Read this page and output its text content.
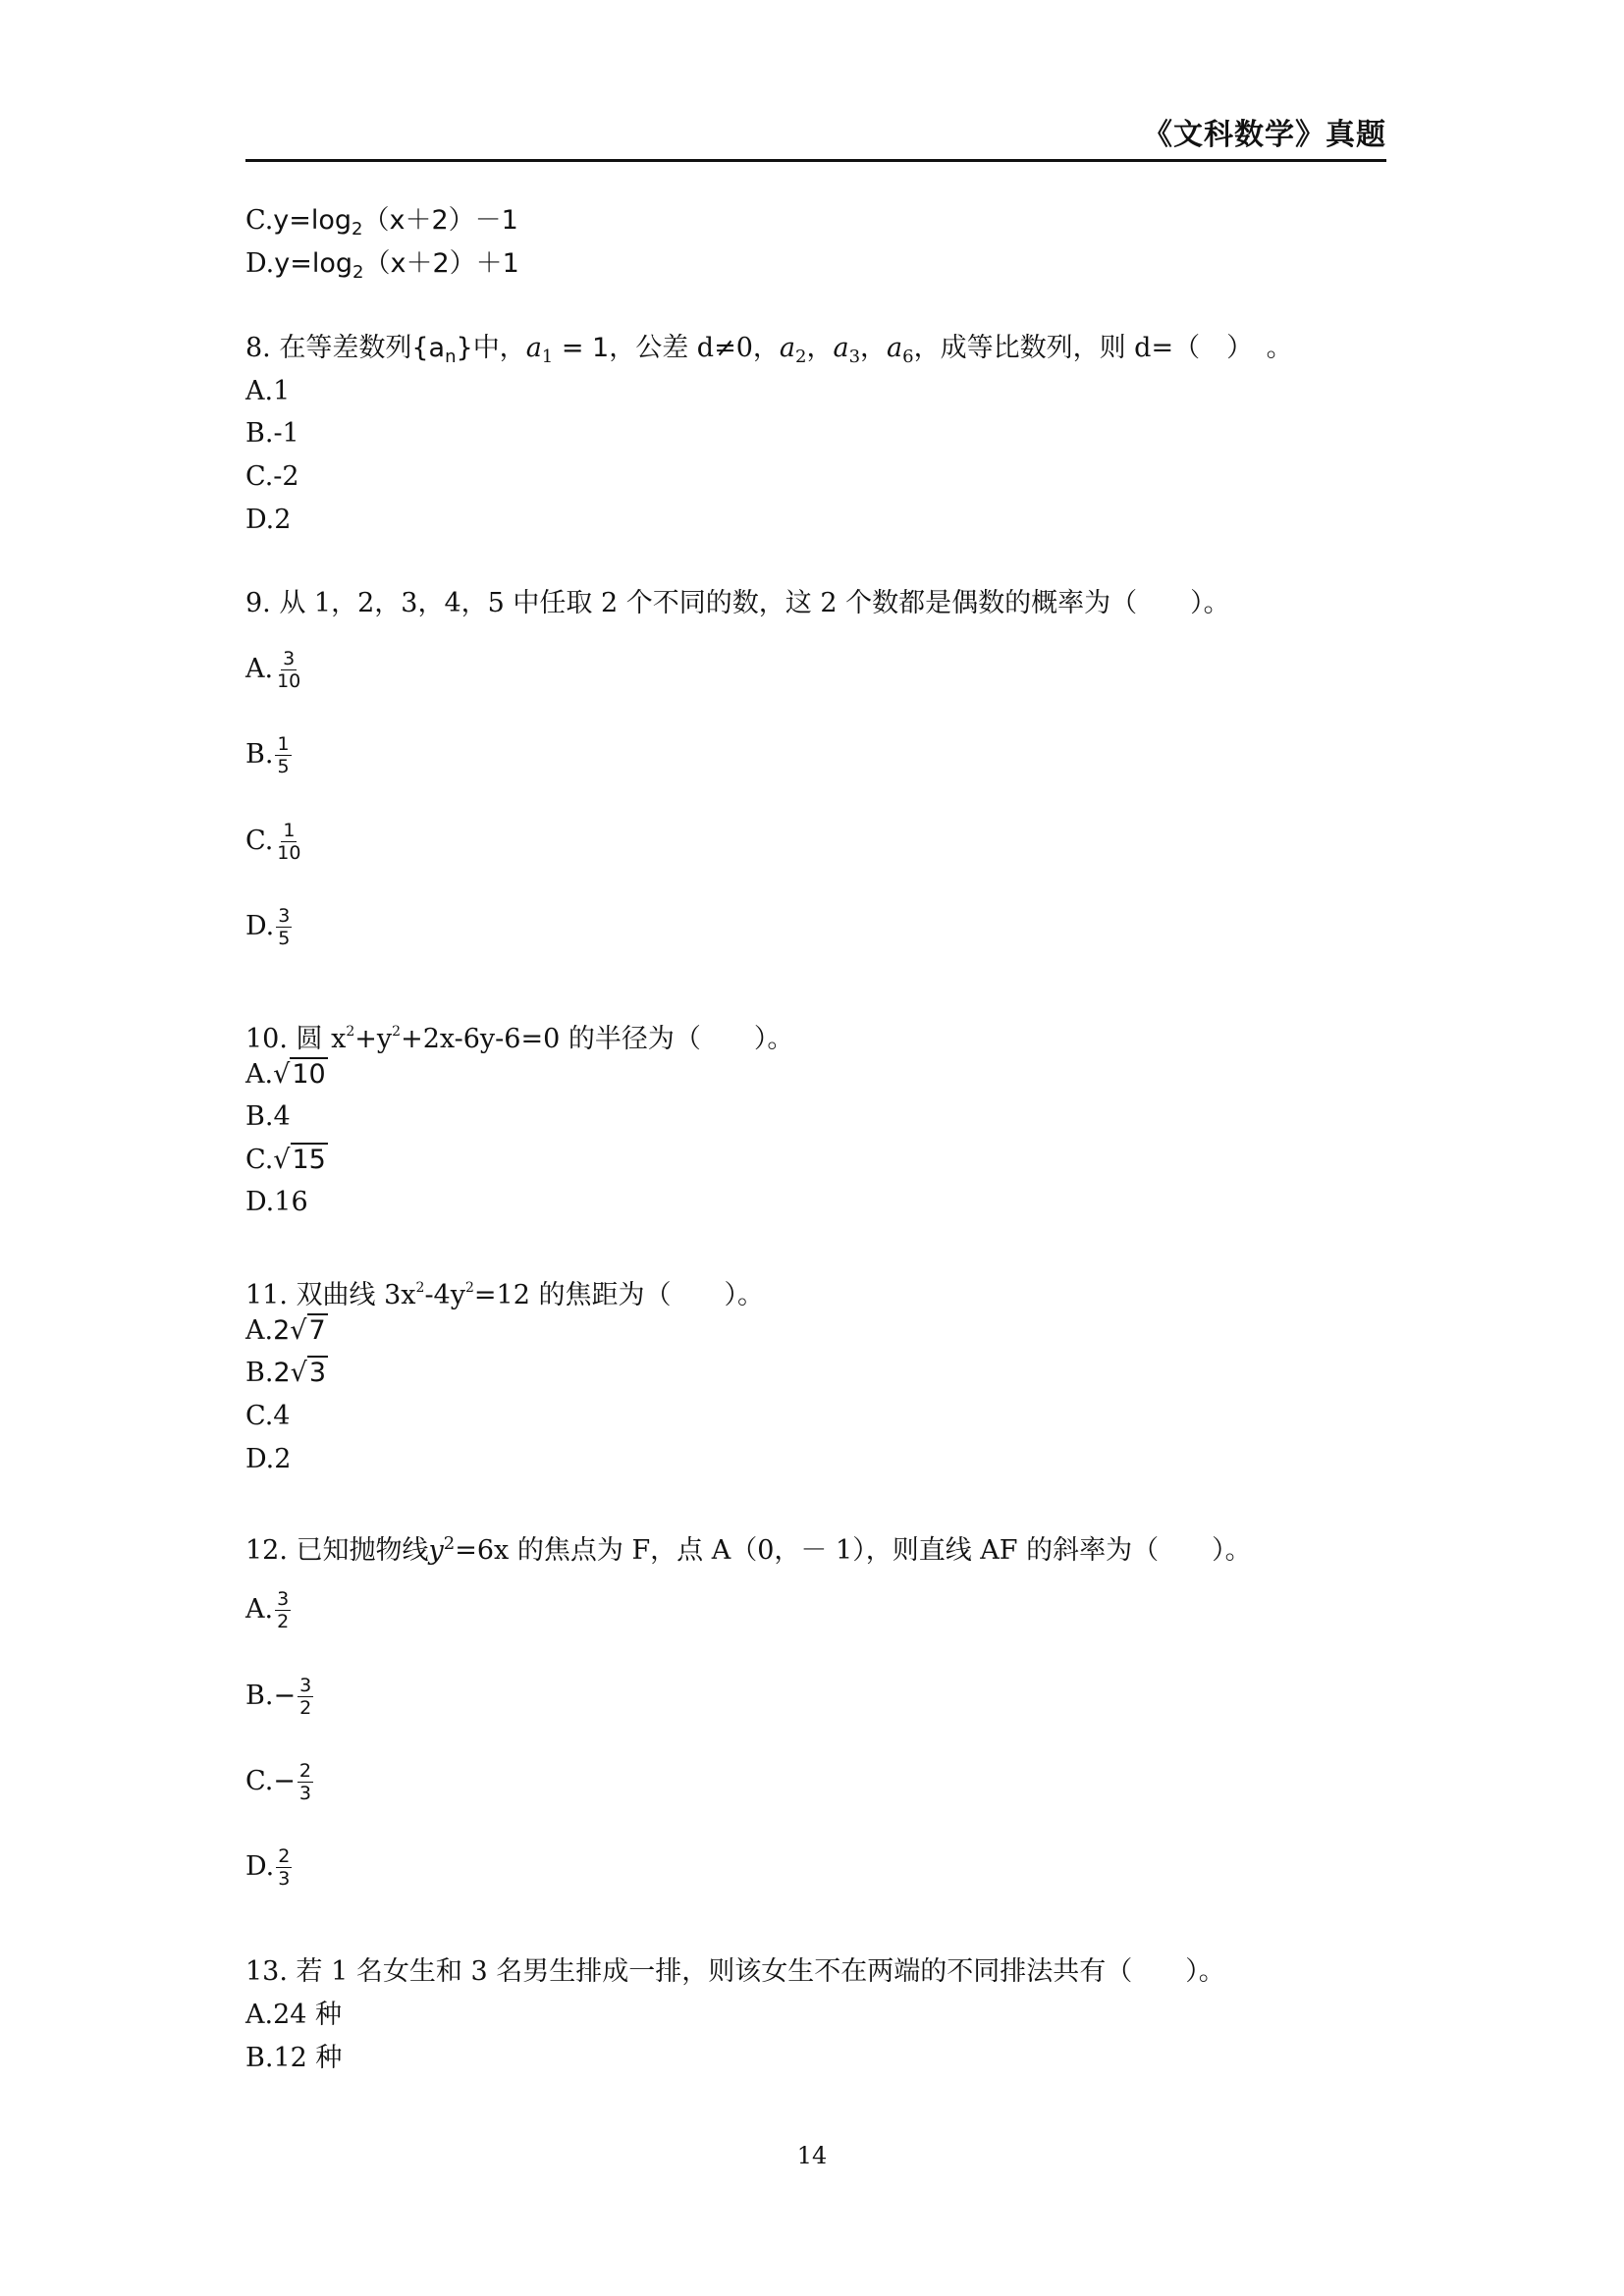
《文科数学》真题
$C.y=\log_2(x+2)-1$
$D.y=\log_2(x+2)+1$
8. 在等差数列$\{a_n\}$中，$a_1 = 1$，公差 d≠0，$a_2$，$a_3$，$a_6$，成等比数列，则 d=（　）　。
A.1
B.-1
C.-2
D.2
9. 从 1，2，3，4，5 中任取 2 个不同的数，这 2 个数都是偶数的概率为（　　）。
A. $\frac{3}{10}$
B. $\frac{1}{5}$
C. $\frac{1}{10}$
D. $\frac{3}{5}$
10. 圆 $x^2+y^2+2x-6y-6=0$ 的半径为（　　）。
A.√10
B.4
C.√15
D.16
11. 双曲线 $3x^2-4y^2=12$ 的焦距为（　　）。
A.2√7
B.2√3
C.4
D.2
12. 已知抛物线$y^2=6x$ 的焦点为 F，点 A（0，－ 1），则直线 AF 的斜率为（　　）。
A. $\frac{3}{2}$
$B.- \frac{3}{2}$
$C.- \frac{2}{3}$
D. $\frac{2}{3}$
13. 若 1 名女生和 3 名男生排成一排，则该女生不在两端的不同排法共有（　　）。
A.24 种
B.12 种
14
